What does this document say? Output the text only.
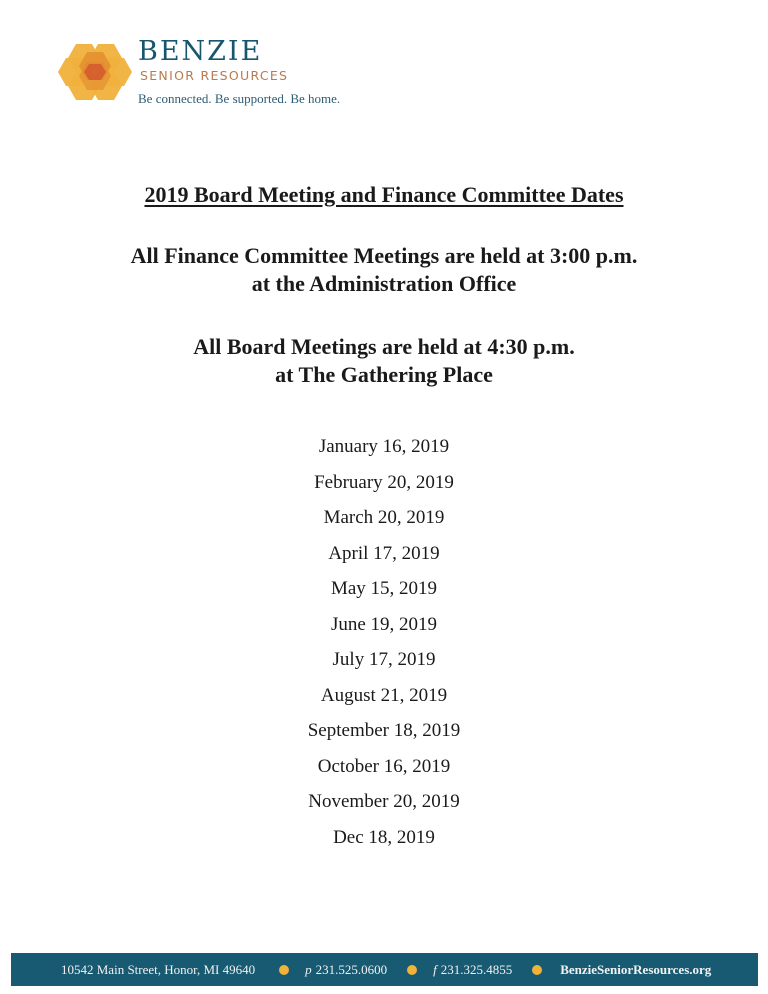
BENZIE
SENIOR RESOURCES
Be connected. Be supported. Be home.
2019 Board Meeting and Finance Committee Dates
All Finance Committee Meetings are held at 3:00 p.m.
at the Administration Office
All Board Meetings are held at 4:30 p.m.
at The Gathering Place
January 16, 2019
February 20, 2019
March 20, 2019
April 17, 2019
May 15, 2019
June 19, 2019
July 17, 2019
August 21, 2019
September 18, 2019
October 16, 2019
November 20, 2019
Dec 18, 2019
10542 Main Street, Honor, MI 49640	p 231.525.0600	f 231.325.4855	BenzieSeniorResources.org
